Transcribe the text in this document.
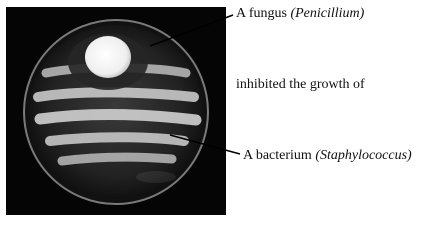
A fungus (Penicillium)
inhibited the growth of
A bacterium (Staphylococcus)
